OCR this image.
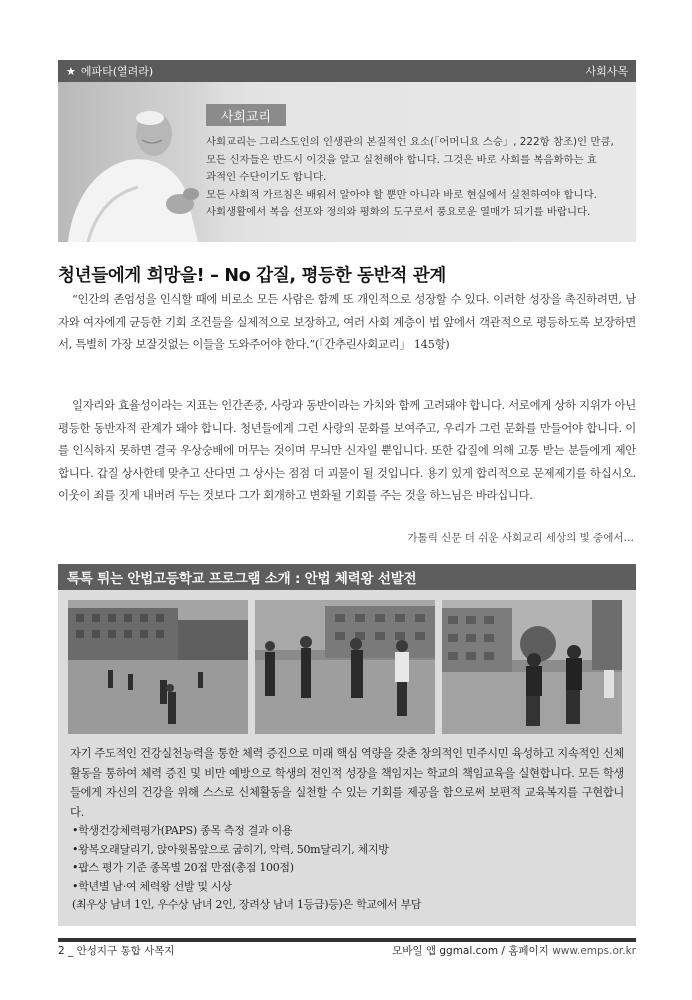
★ 에파타(열려라)	사회사목
사회교리
사회교리는 그리스도인의 인생관의 본질적인 요소(「어머니요 스승」, 222항 참조)인 만큼,
모든 신자들은 반드시 이것을 알고 실천해야 합니다. 그것은 바로 사회를 복음화하는 효
과적인 수단이기도 합니다.
모든 사회적 가르침은 배워서 알아야 할 뿐만 아니라 바로 현실에서 실천하여야 합니다.
사회생활에서 복음 선포와 정의와 평화의 도구로서 풍요로운 열매가 되기를 바랍니다.
청년들에게 희망을! – No 갑질, 평등한 동반적 관계

“인간의 존엄성을 인식할 때에 비로소 모든 사람은 함께 또 개인적으로 성장할 수 있다. 이러한 성장을 촉진하려면, 남자와 여자에게 균등한 기회 조건들을 실제적으로 보장하고, 여러 사회 계층이 법 앞에서 객관적으로 평등하도록 보장하면서, 특별히 가장 보잘것없는 이들을 도와주어야 한다.”(「간추린사회교리」 145항)

일자리와 효율성이라는 지표는 인간존중, 사랑과 동반이라는 가치와 함께 고려돼야 합니다. 서로에게 상하 지위가 아닌 평등한 동반자적 관계가 돼야 합니다. 청년들에게 그런 사랑의 문화를 보여주고, 우리가 그런 문화를 만들어야 합니다. 이를 인식하지 못하면 결국 우상숭배에 머무는 것이며 무늬만 신자일 뿐입니다. 또한 갑질에 의해 고통 받는 분들에게 제안합니다. 갑질 상사한테 맞추고 산다면 그 상사는 점점 더 괴물이 될 것입니다. 용기 있게 합리적으로 문제제기를 하십시오. 이웃이 죄를 짓게 내버려 두는 것보다 그가 회개하고 변화될 기회를 주는 것을 하느님은 바라십니다.

가톨릭 신문 더 쉬운 사회교리 세상의 빛 중에서…
톡톡 튀는 안법고등학교 프로그램 소개 : 안법 체력왕 선발전

자기 주도적인 건강실천능력을 통한 체력 증진으로 미래 핵심 역량을 갖춘 창의적인 민주시민 육성하고 지속적인 신체활동을 통하여 체력 증진 및 비만 예방으로 학생의 전인적 성장을 책임지는 학교의 책임교육을 실현합니다. 모든 학생들에게 자신의 건강을 위해 스스로 신체활동을 실천할 수 있는 기회를 제공을 함으로써 보편적 교육복지를 구현합니다.

•학생건강체력평가(PAPS) 종목 측정 결과 이용
•왕복오래달리기, 앉아윗몸앞으로 굽히기, 악력, 50m달리기, 체지방
•팝스 평가 기준 종목별 20점 만점(총점 100점)
•학년별 남·여 체력왕 선발 및 시상
(최우상 남녀 1인, 우수상 남녀 2인, 장려상 남녀 1등급)등)은 학교에서 부담
2 _ 안성지구 통합 사목지	모바일 앱 ggmal.com / 홈페이지 www.emps.or.kr
